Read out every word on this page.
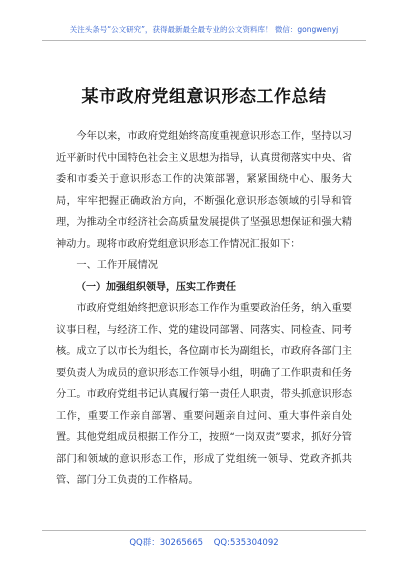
关注头条号“公文研究”，获得最新最全最专业的公文资料库！ 微信：gongwenyj
某市政府党组意识形态工作总结

今年以来，市政府党组始终高度重视意识形态工作，坚持以习近平新时代中国特色社会主义思想为指导，认真贯彻落实中央、省委和市委关于意识形态工作的决策部署，紧紧围绕中心、服务大局，牢牢把握正确政治方向，不断强化意识形态领域的引导和管理，为推动全市经济社会高质量发展提供了坚强思想保证和强大精神动力。现将市政府党组意识形态工作情况汇报如下：

一、工作开展情况

（一）加强组织领导，压实工作责任

市政府党组始终把意识形态工作作为重要政治任务，纳入重要议事日程，与经济工作、党的建设同部署、同落实、同检查、同考核。成立了以市长为组长，各位副市长为副组长，市政府各部门主要负责人为成员的意识形态工作领导小组，明确了工作职责和任务分工。市政府党组书记认真履行第一责任人职责，带头抓意识形态工作，重要工作亲自部署、重要问题亲自过问、重大事件亲自处置。其他党组成员根据工作分工，按照“一岗双责”要求，抓好分管部门和领域的意识形态工作，形成了党组统一领导、党政齐抓共管、部门分工负责的工作格局。

QQ群：30265665 QQ:535304092
